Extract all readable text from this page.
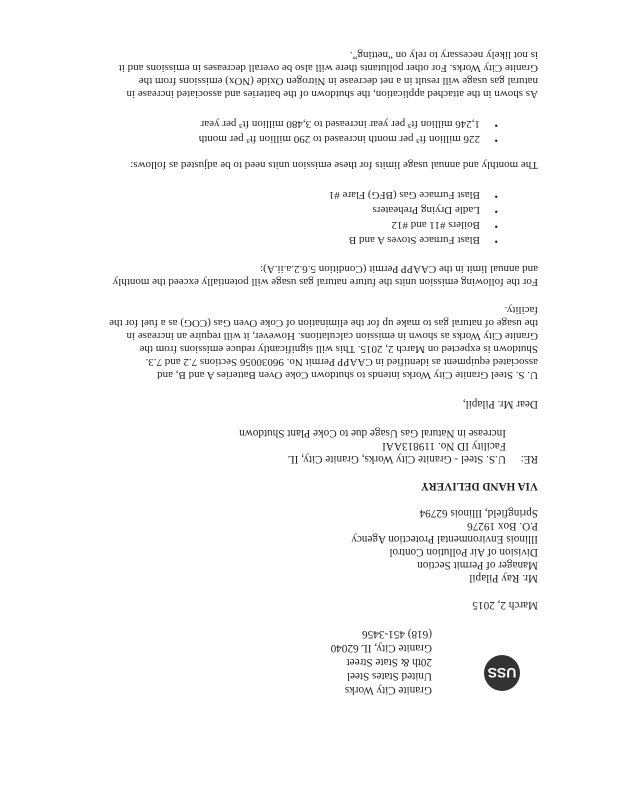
USS
Granite City Works
United States Steel
20th & State Street
Granite City, IL 62040
(618) 451-3456
March 2, 2015
Mr. Ray Pilapil
Manager of Permit Section
Division of Air Pollution Control
Illinois Environmental Protection Agency
P.O. Box 19276
Springfield, Illinois 62794
VIA HAND DELIVERY
RE:
U.S. Steel - Granite City Works, Granite City, IL
Facility ID No. 119813AAI
Increase in Natural Gas Usage due to Coke Plant Shutdown
Dear Mr. Pilapil,
U. S. Steel Granite City Works intends to shutdown Coke Oven Batteries A and B, and
associated equipment as identified in CAAPP Permit No. 96030056 Sections 7.2 and 7.3.
Shutdown is expected on March 2, 2015. This will significantly reduce emissions from the
Granite City Works as shown in emission calculations. However, it will require an increase in
the usage of natural gas to make up for the elimination of Coke Oven Gas (COG) as a fuel for the
facility.
For the following emission units the future natural gas usage will potentially exceed the monthly
and annual limit in the CAAPP Permit (Condition 5.6.2.a.ii.A):
•
Blast Furnace Stoves A and B
•
Boilers #11 and #12
•
Ladle Drying Preheaters
•
Blast Furnace Gas (BFG) Flare #1
The monthly and annual usage limits for these emission units need to be adjusted as follows:
•
226 million ft³ per month increased to 290 million ft³ per month
•
1,246 million ft³ per year increased to 3,480 million ft³ per year
As shown in the attached application, the shutdown of the batteries and associated increase in
natural gas usage will result in a net decrease in Nitrogen Oxide (NOx) emissions from the
Granite City Works. For other pollutants there will also be overall decreases in emissions and it
is not likely necessary to rely on “netting”.
